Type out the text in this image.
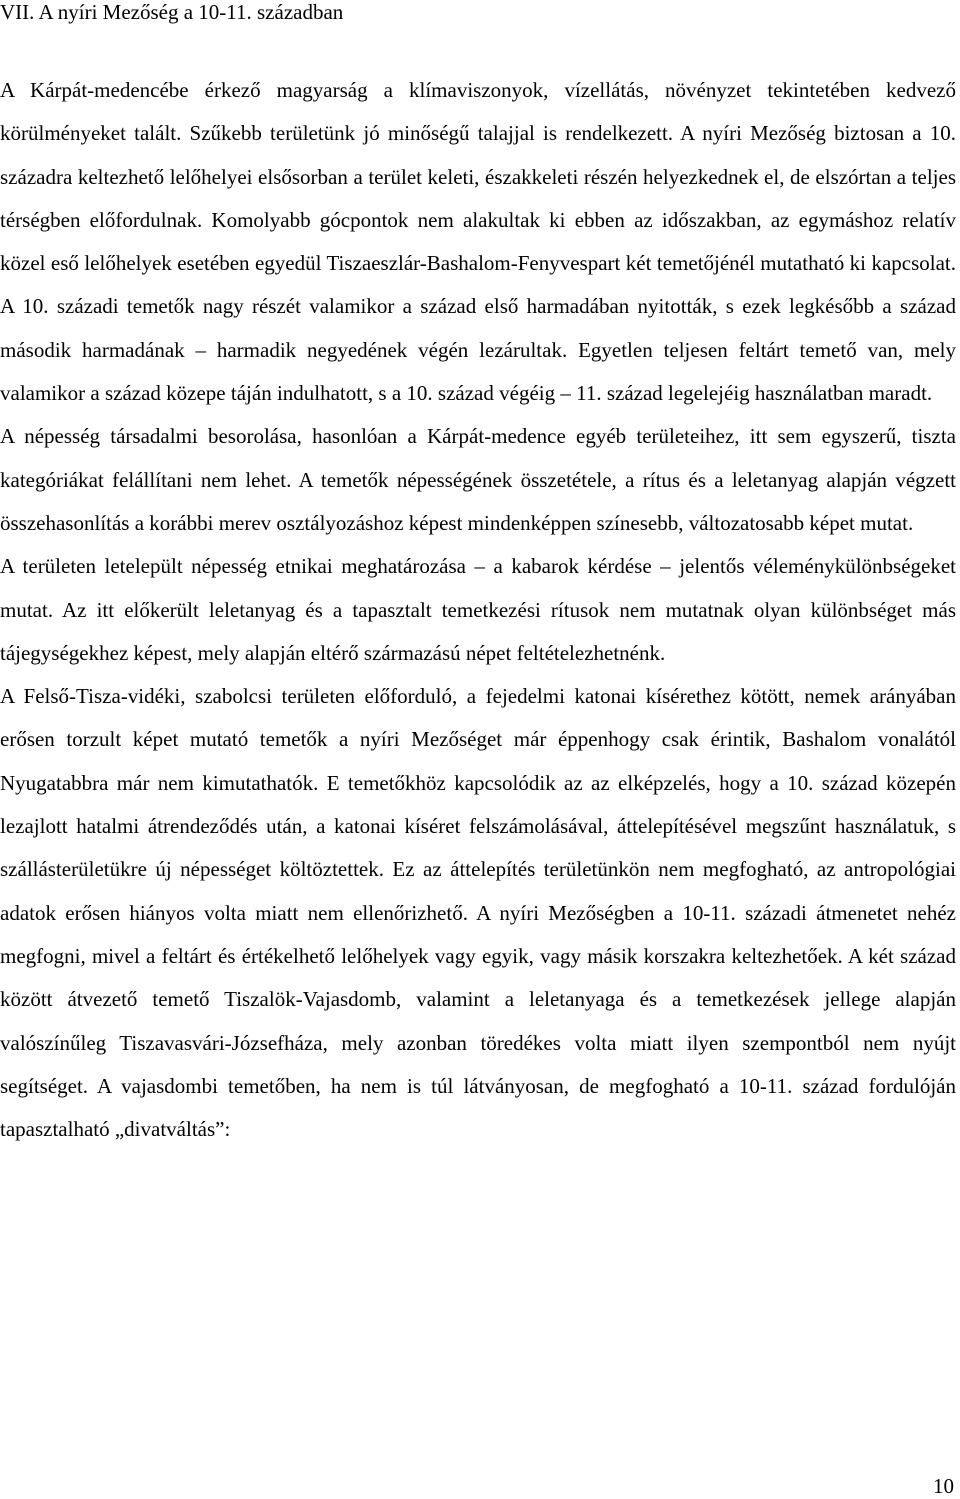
VII. A nyíri Mezőség a 10-11. században

A Kárpát-medencébe érkező magyarság a klímaviszonyok, vízellátás, növényzet tekintetében kedvező körülményeket talált. Szűkebb területünk jó minőségű talajjal is rendelkezett. A nyíri Mezőség biztosan a 10. századra keltezhető lelőhelyei elsősorban a terület keleti, északkeleti részén helyezkednek el, de elszórtan a teljes térségben előfordulnak. Komolyabb gócpontok nem alakultak ki ebben az időszakban, az egymáshoz relatív közel eső lelőhelyek esetében egyedül Tiszaeszlár-Bashalom-Fenyvespart két temetőjénél mutatható ki kapcsolat. A 10. századi temetők nagy részét valamikor a század első harmadában nyitották, s ezek legkésőbb a század második harmadának – harmadik negyedének végén lezárultak. Egyetlen teljesen feltárt temető van, mely valamikor a század közepe táján indulhatott, s a 10. század végéig – 11. század legelejéig használatban maradt.

A népesség társadalmi besorolása, hasonlóan a Kárpát-medence egyéb területeihez, itt sem egyszerű, tiszta kategóriákat felállítani nem lehet. A temetők népességének összetétele, a rítus és a leletanyag alapján végzett összehasonlítás a korábbi merev osztályozáshoz képest mindenképpen színesebb, változatosabb képet mutat.

A területen letelepült népesség etnikai meghatározása – a kabarok kérdése – jelentős véleménykülönbségeket mutat. Az itt előkerült leletanyag és a tapasztalt temetkezési rítusok nem mutatnak olyan különbséget más tájegységekhez képest, mely alapján eltérő származású népet feltételezhetnénk.

A Felső-Tisza-vidéki, szabolcsi területen előforduló, a fejedelmi katonai kísérethez kötött, nemek arányában erősen torzult képet mutató temetők a nyíri Mezőséget már éppenhogy csak érintik, Bashalom vonalától Nyugatabbra már nem kimutathatók. E temetőkhöz kapcsolódik az az elképzelés, hogy a 10. század közepén lezajlott hatalmi átrendeződés után, a katonai kíséret felszámolásával, áttelepítésével megszűnt használatuk, s szállásterületükre új népességet költöztettek. Ez az áttelepítés területünkön nem megfogható, az antropológiai adatok erősen hiányos volta miatt nem ellenőrizhető. A nyíri Mezőségben a 10-11. századi átmenetet nehéz megfogni, mivel a feltárt és értékelhető lelőhelyek vagy egyik, vagy másik korszakra keltezhetőek. A két század között átvezető temető Tiszalök-Vajasdomb, valamint a leletanyaga és a temetkezések jellege alapján valószínűleg Tiszavasvári-Józsefháza, mely azonban töredékes volta miatt ilyen szempontból nem nyújt segítséget. A vajasdombi temetőben, ha nem is túl látványosan, de megfogható a 10-11. század fordulóján tapasztalható „divatváltás”:

10
